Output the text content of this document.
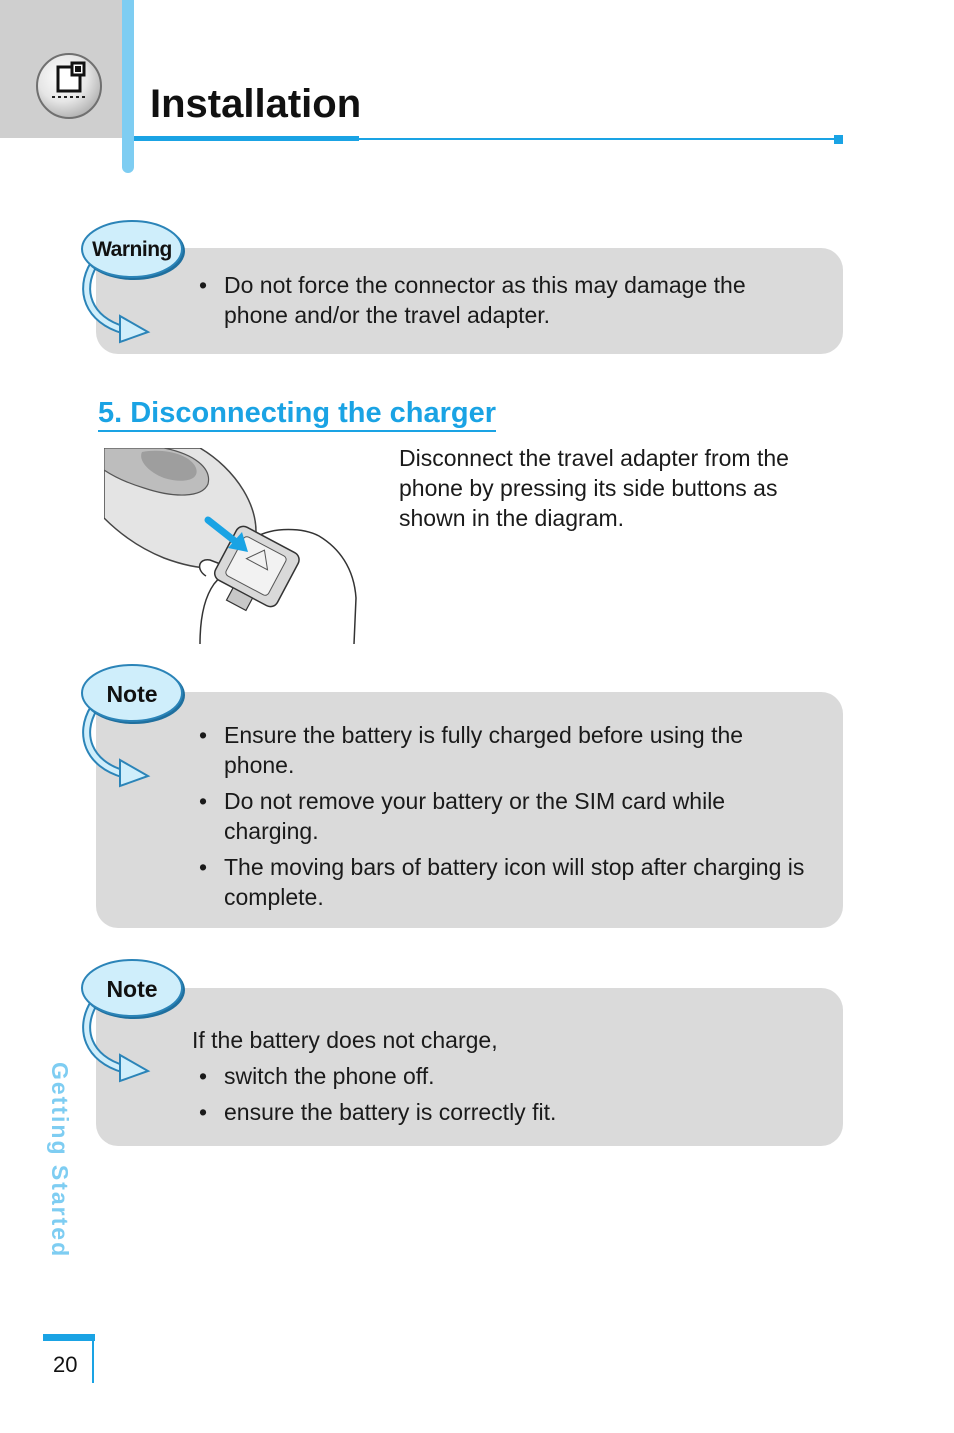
Installation
Warning
• Do not force the connector as this may damage the phone and/or the travel adapter.
5. Disconnecting the charger
Disconnect the travel adapter from the phone by pressing its side buttons as shown in the diagram.
Note
• Ensure the battery is fully charged before using the phone.
• Do not remove your battery or the SIM card while charging.
• The moving bars of battery icon will stop after charging is complete.
Note
If the battery does not charge,
• switch the phone off.
• ensure the battery is correctly fit.
Getting Started
20
